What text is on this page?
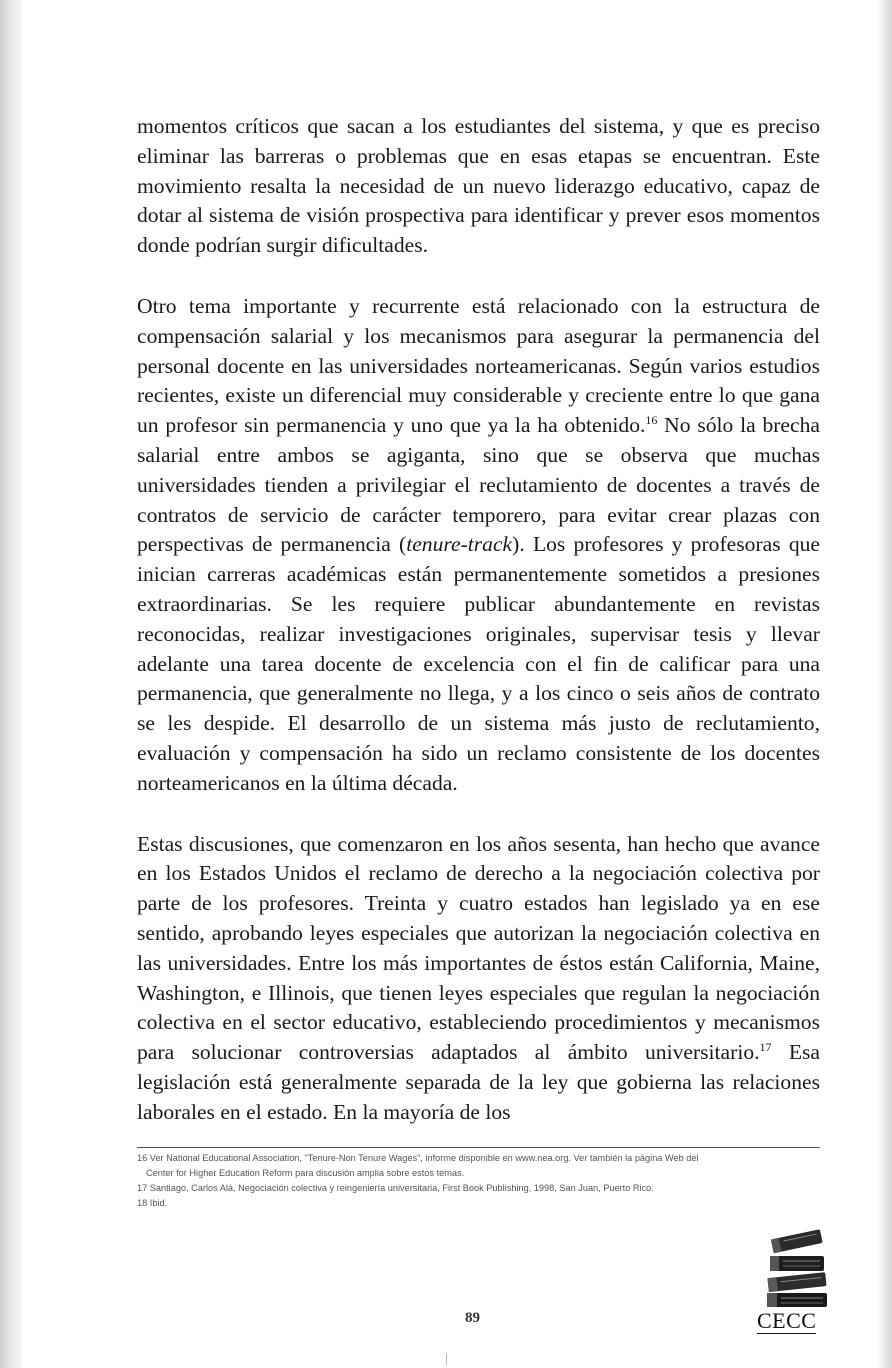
momentos críticos que sacan a los estudiantes del sistema, y que es preciso eliminar las barreras o problemas que en esas etapas se encuentran. Este movimiento resalta la necesidad de un nuevo liderazgo educativo, capaz de dotar al sistema de visión prospectiva para identificar y prever esos momentos donde podrían surgir dificultades.

Otro tema importante y recurrente está relacionado con la estructura de compensación salarial y los mecanismos para asegurar la permanencia del personal docente en las universidades norteamericanas. Según varios estudios recientes, existe un diferencial muy considerable y creciente entre lo que gana un profesor sin permanencia y uno que ya la ha obtenido.$^{16}$ No sólo la brecha salarial entre ambos se agiganta, sino que se observa que muchas universidades tienden a privilegiar el reclutamiento de docentes a través de contratos de servicio de carácter temporero, para evitar crear plazas con perspectivas de permanencia (tenure-track). Los profesores y profesoras que inician carreras académicas están permanentemente sometidos a presiones extraordinarias. Se les requiere publicar abundantemente en revistas reconocidas, realizar investigaciones originales, supervisar tesis y llevar adelante una tarea docente de excelencia con el fin de calificar para una permanencia, que generalmente no llega, y a los cinco o seis años de contrato se les despide. El desarrollo de un sistema más justo de reclutamiento, evaluación y compensación ha sido un reclamo consistente de los docentes norteamericanos en la última década.

Estas discusiones, que comenzaron en los años sesenta, han hecho que avance en los Estados Unidos el reclamo de derecho a la negociación colectiva por parte de los profesores. Treinta y cuatro estados han legislado ya en ese sentido, aprobando leyes especiales que autorizan la negociación colectiva en las universidades. Entre los más importantes de éstos están California, Maine, Washington, e Illinois, que tienen leyes especiales que regulan la negociación colectiva en el sector educativo, estableciendo procedimientos y mecanismos para solucionar controversias adaptados al ámbito universitario.$^{17}$ Esa legislación está generalmente separada de la ley que gobierna las relaciones laborales en el estado. En la mayoría de los

16 Ver National Educational Association, "Tenure-Non Tenure Wages", informe disponible en www.nea.org. Ver también la página Web del

Center for Higher Education Reform para discusión amplia sobre estos temas.

17 Santiago, Carlos Alá, Negociación colectiva y reingeniería universitaria, First Book Publishing, 1998, San Juan, Puerto Rico.

18 Ibid.

89	CECC
